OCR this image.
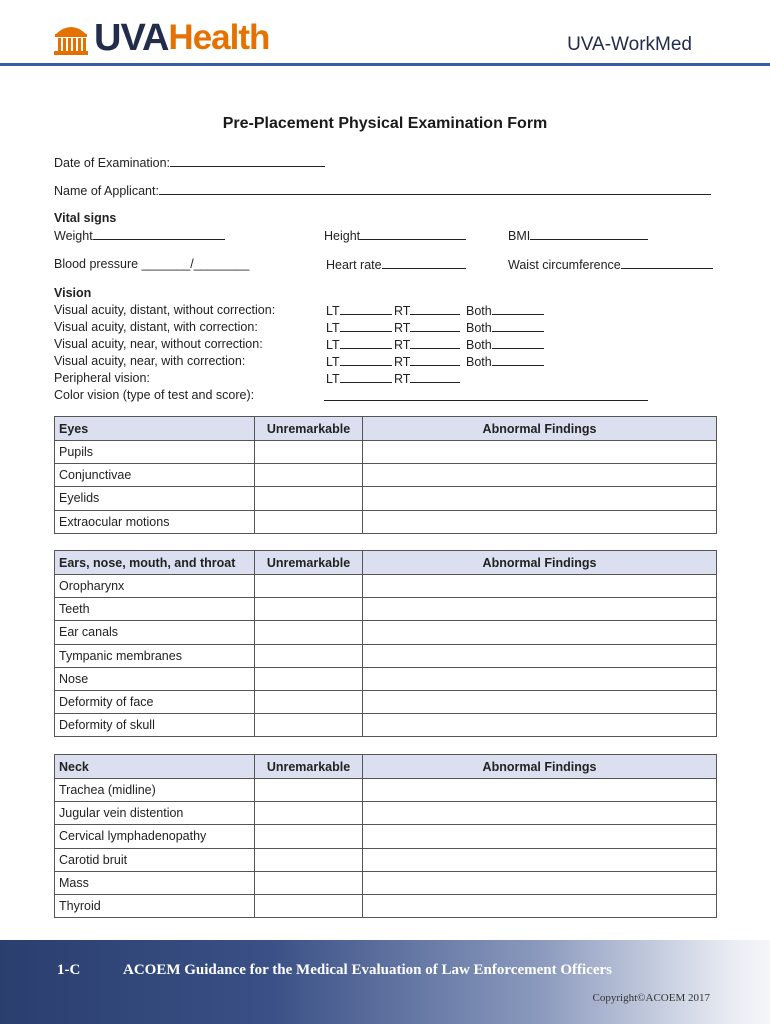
UVA Health	UVA-WorkMed
Pre-Placement Physical Examination Form
Date of Examination:
Name of Applicant:
Vital signs
Weight	Height	BMI
Blood pressure _______/________	Heart rate	Waist circumference
Vision
Visual acuity, distant, without correction:	LT	RT	Both
Visual acuity, distant, with correction:	LT	RT	Both
Visual acuity, near, without correction:	LT	RT	Both
Visual acuity, near, with correction:	LT	RT	Both
Peripheral vision:	LT	RT
Color vision (type of test and score):
Eyes	Unremarkable	Abnormal Findings
Pupils		
Conjunctivae		
Eyelids		
Extraocular motions		
Ears, nose, mouth, and throat	Unremarkable	Abnormal Findings
Oropharynx		
Teeth		
Ear canals		
Tympanic membranes		
Nose		
Deformity of face		
Deformity of skull		
Neck	Unremarkable	Abnormal Findings
Trachea (midline)		
Jugular vein distention		
Cervical lymphadenopathy		
Carotid bruit		
Mass		
Thyroid		
1-C	ACOEM Guidance for the Medical Evaluation of Law Enforcement Officers
Copyright©ACOEM 2017
